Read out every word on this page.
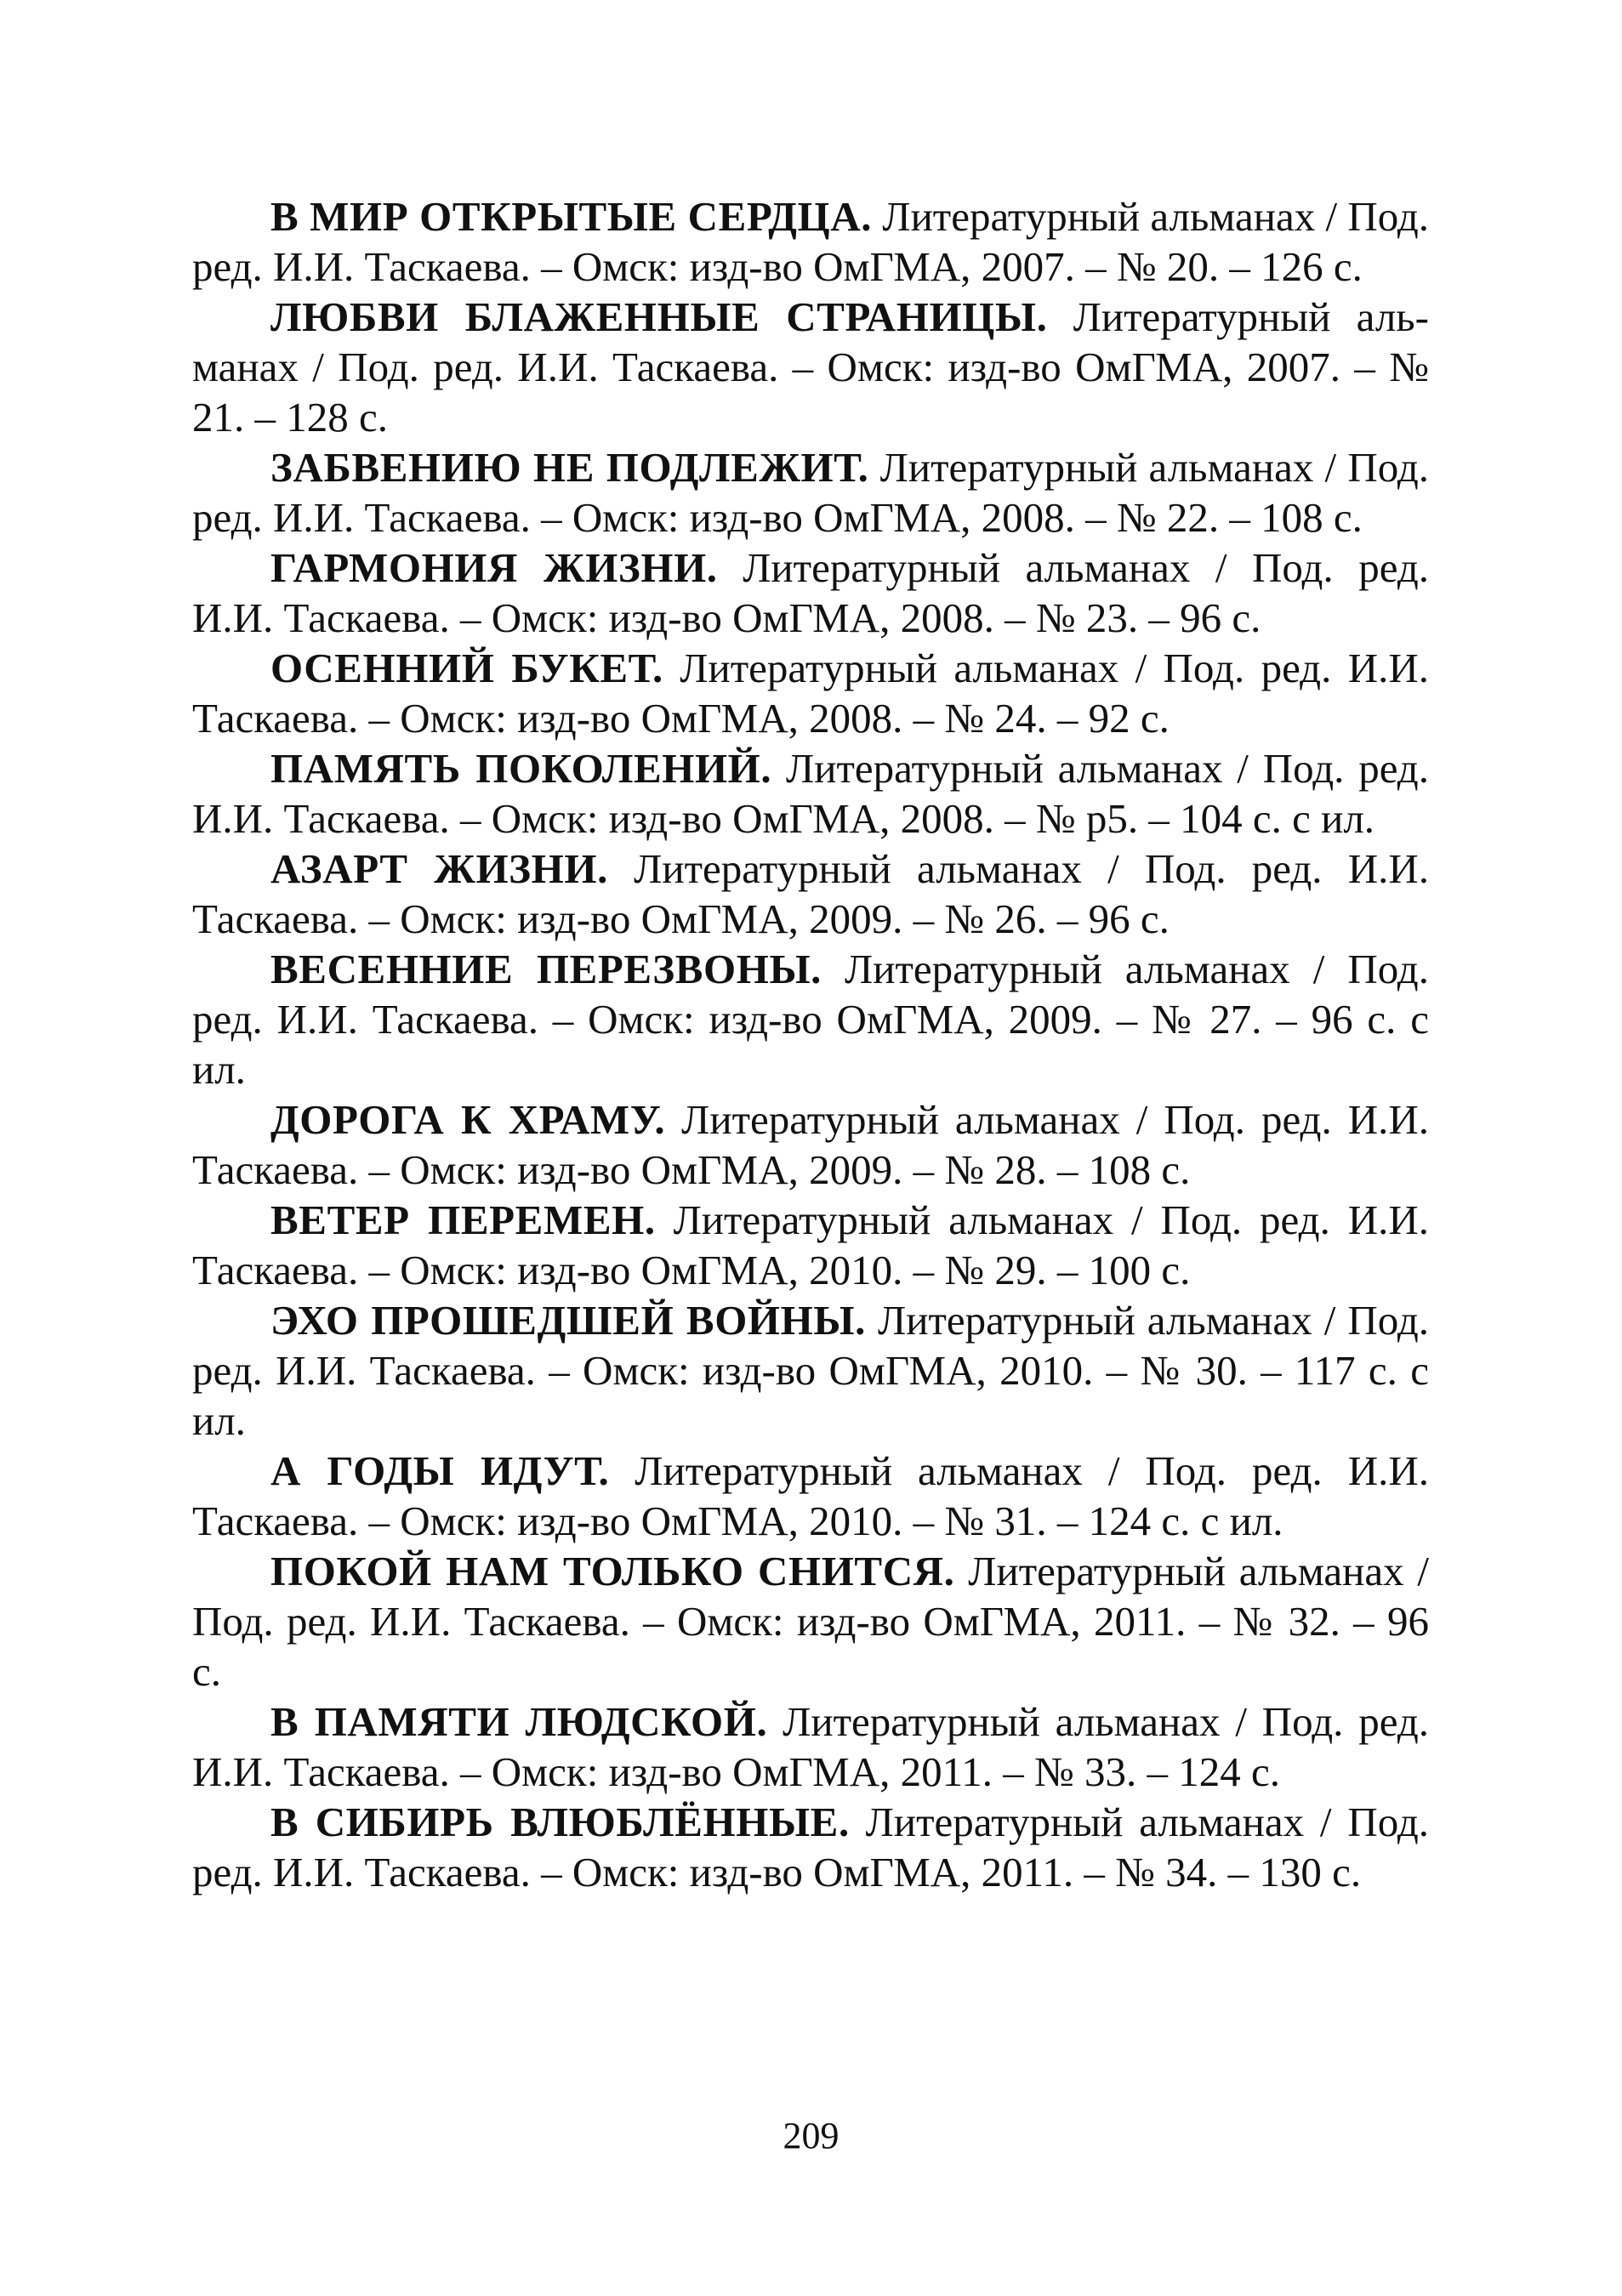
В МИР ОТКРЫТЫЕ СЕРДЦА. Литературный альманах / Под. ред. И.И. Таскаева. – Омск: изд-во ОмГМА, 2007. – № 20. – 126 с.

ЛЮБВИ БЛАЖЕННЫЕ СТРАНИЦЫ. Литературный альманах / Под. ред. И.И. Таскаева. – Омск: изд-во ОмГМА, 2007. – № 21. – 128 с.

ЗАБВЕНИЮ НЕ ПОДЛЕЖИТ. Литературный альманах / Под. ред. И.И. Таскаева. – Омск: изд-во ОмГМА, 2008. – № 22. – 108 с.

ГАРМОНИЯ ЖИЗНИ. Литературный альманах / Под. ред. И.И. Таскаева. – Омск: изд-во ОмГМА, 2008. – № 23. – 96 с.

ОСЕННИЙ БУКЕТ. Литературный альманах / Под. ред. И.И. Таскаева. – Омск: изд-во ОмГМА, 2008. – № 24. – 92 с.

ПАМЯТЬ ПОКОЛЕНИЙ. Литературный альманах / Под. ред. И.И. Таскаева. – Омск: изд-во ОмГМА, 2008. – № р5. – 104 с. с ил.

АЗАРТ ЖИЗНИ. Литературный альманах / Под. ред. И.И. Таскаева. – Омск: изд-во ОмГМА, 2009. – № 26. – 96 с.

ВЕСЕННИЕ ПЕРЕЗВОНЫ. Литературный альманах / Под. ред. И.И. Таскаева. – Омск: изд-во ОмГМА, 2009. – № 27. – 96 с. с ил.

ДОРОГА К ХРАМУ. Литературный альманах / Под. ред. И.И. Таскаева. – Омск: изд-во ОмГМА, 2009. – № 28. – 108 с.

ВЕТЕР ПЕРЕМЕН. Литературный альманах / Под. ред. И.И. Таскаева. – Омск: изд-во ОмГМА, 2010. – № 29. – 100 с.

ЭХО ПРОШЕДШЕЙ ВОЙНЫ. Литературный альманах / Под. ред. И.И. Таскаева. – Омск: изд-во ОмГМА, 2010. – № 30. – 117 с. с ил.

А ГОДЫ ИДУТ. Литературный альманах / Под. ред. И.И. Таскаева. – Омск: изд-во ОмГМА, 2010. – № 31. – 124 с. с ил.

ПОКОЙ НАМ ТОЛЬКО СНИТСЯ. Литературный альманах / Под. ред. И.И. Таскаева. – Омск: изд-во ОмГМА, 2011. – № 32. – 96 с.

В ПАМЯТИ ЛЮДСКОЙ. Литературный альманах / Под. ред. И.И. Таскаева. – Омск: изд-во ОмГМА, 2011. – № 33. – 124 с.

В СИБИРЬ ВЛЮБЛЁННЫЕ. Литературный альманах / Под. ред. И.И. Таскаева. – Омск: изд-во ОмГМА, 2011. – № 34. – 130 с.

209
